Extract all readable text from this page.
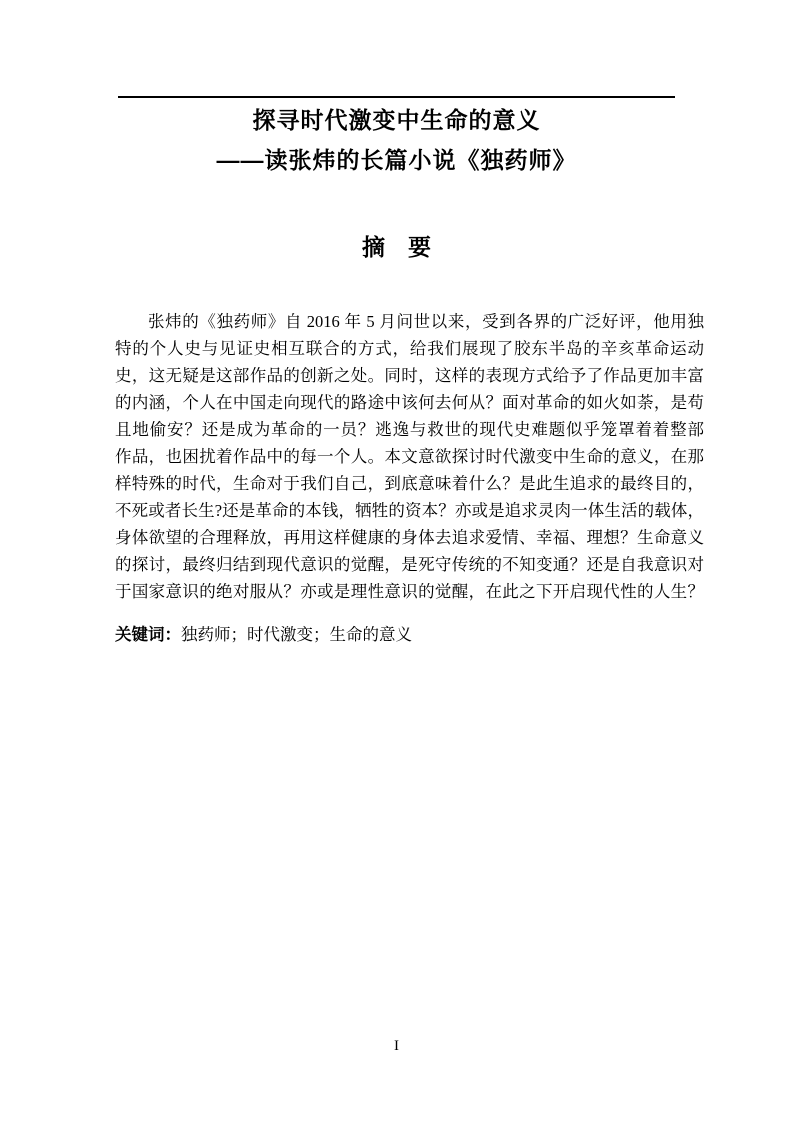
探寻时代激变中生命的意义
——读张炜的长篇小说《独药师》
摘　要
张炜的《独药师》自 2016 年 5 月问世以来，受到各界的广泛好评，他用独
特的个人史与见证史相互联合的方式，给我们展现了胶东半岛的辛亥革命运动
史，这无疑是这部作品的创新之处。同时，这样的表现方式给予了作品更加丰富
的内涵，个人在中国走向现代的路途中该何去何从？面对革命的如火如荼，是苟
且地偷安？还是成为革命的一员？逃逸与救世的现代史难题似乎笼罩着着整部
作品，也困扰着作品中的每一个人。本文意欲探讨时代激变中生命的意义，在那
样特殊的时代，生命对于我们自己，到底意味着什么？是此生追求的最终目的，
不死或者长生?还是革命的本钱，牺牲的资本？亦或是追求灵肉一体生活的载体，
身体欲望的合理释放，再用这样健康的身体去追求爱情、幸福、理想？生命意义
的探讨，最终归结到现代意识的觉醒，是死守传统的不知变通？还是自我意识对
于国家意识的绝对服从？亦或是理性意识的觉醒，在此之下开启现代性的人生？
关键词：独药师；时代激变；生命的意义
I
